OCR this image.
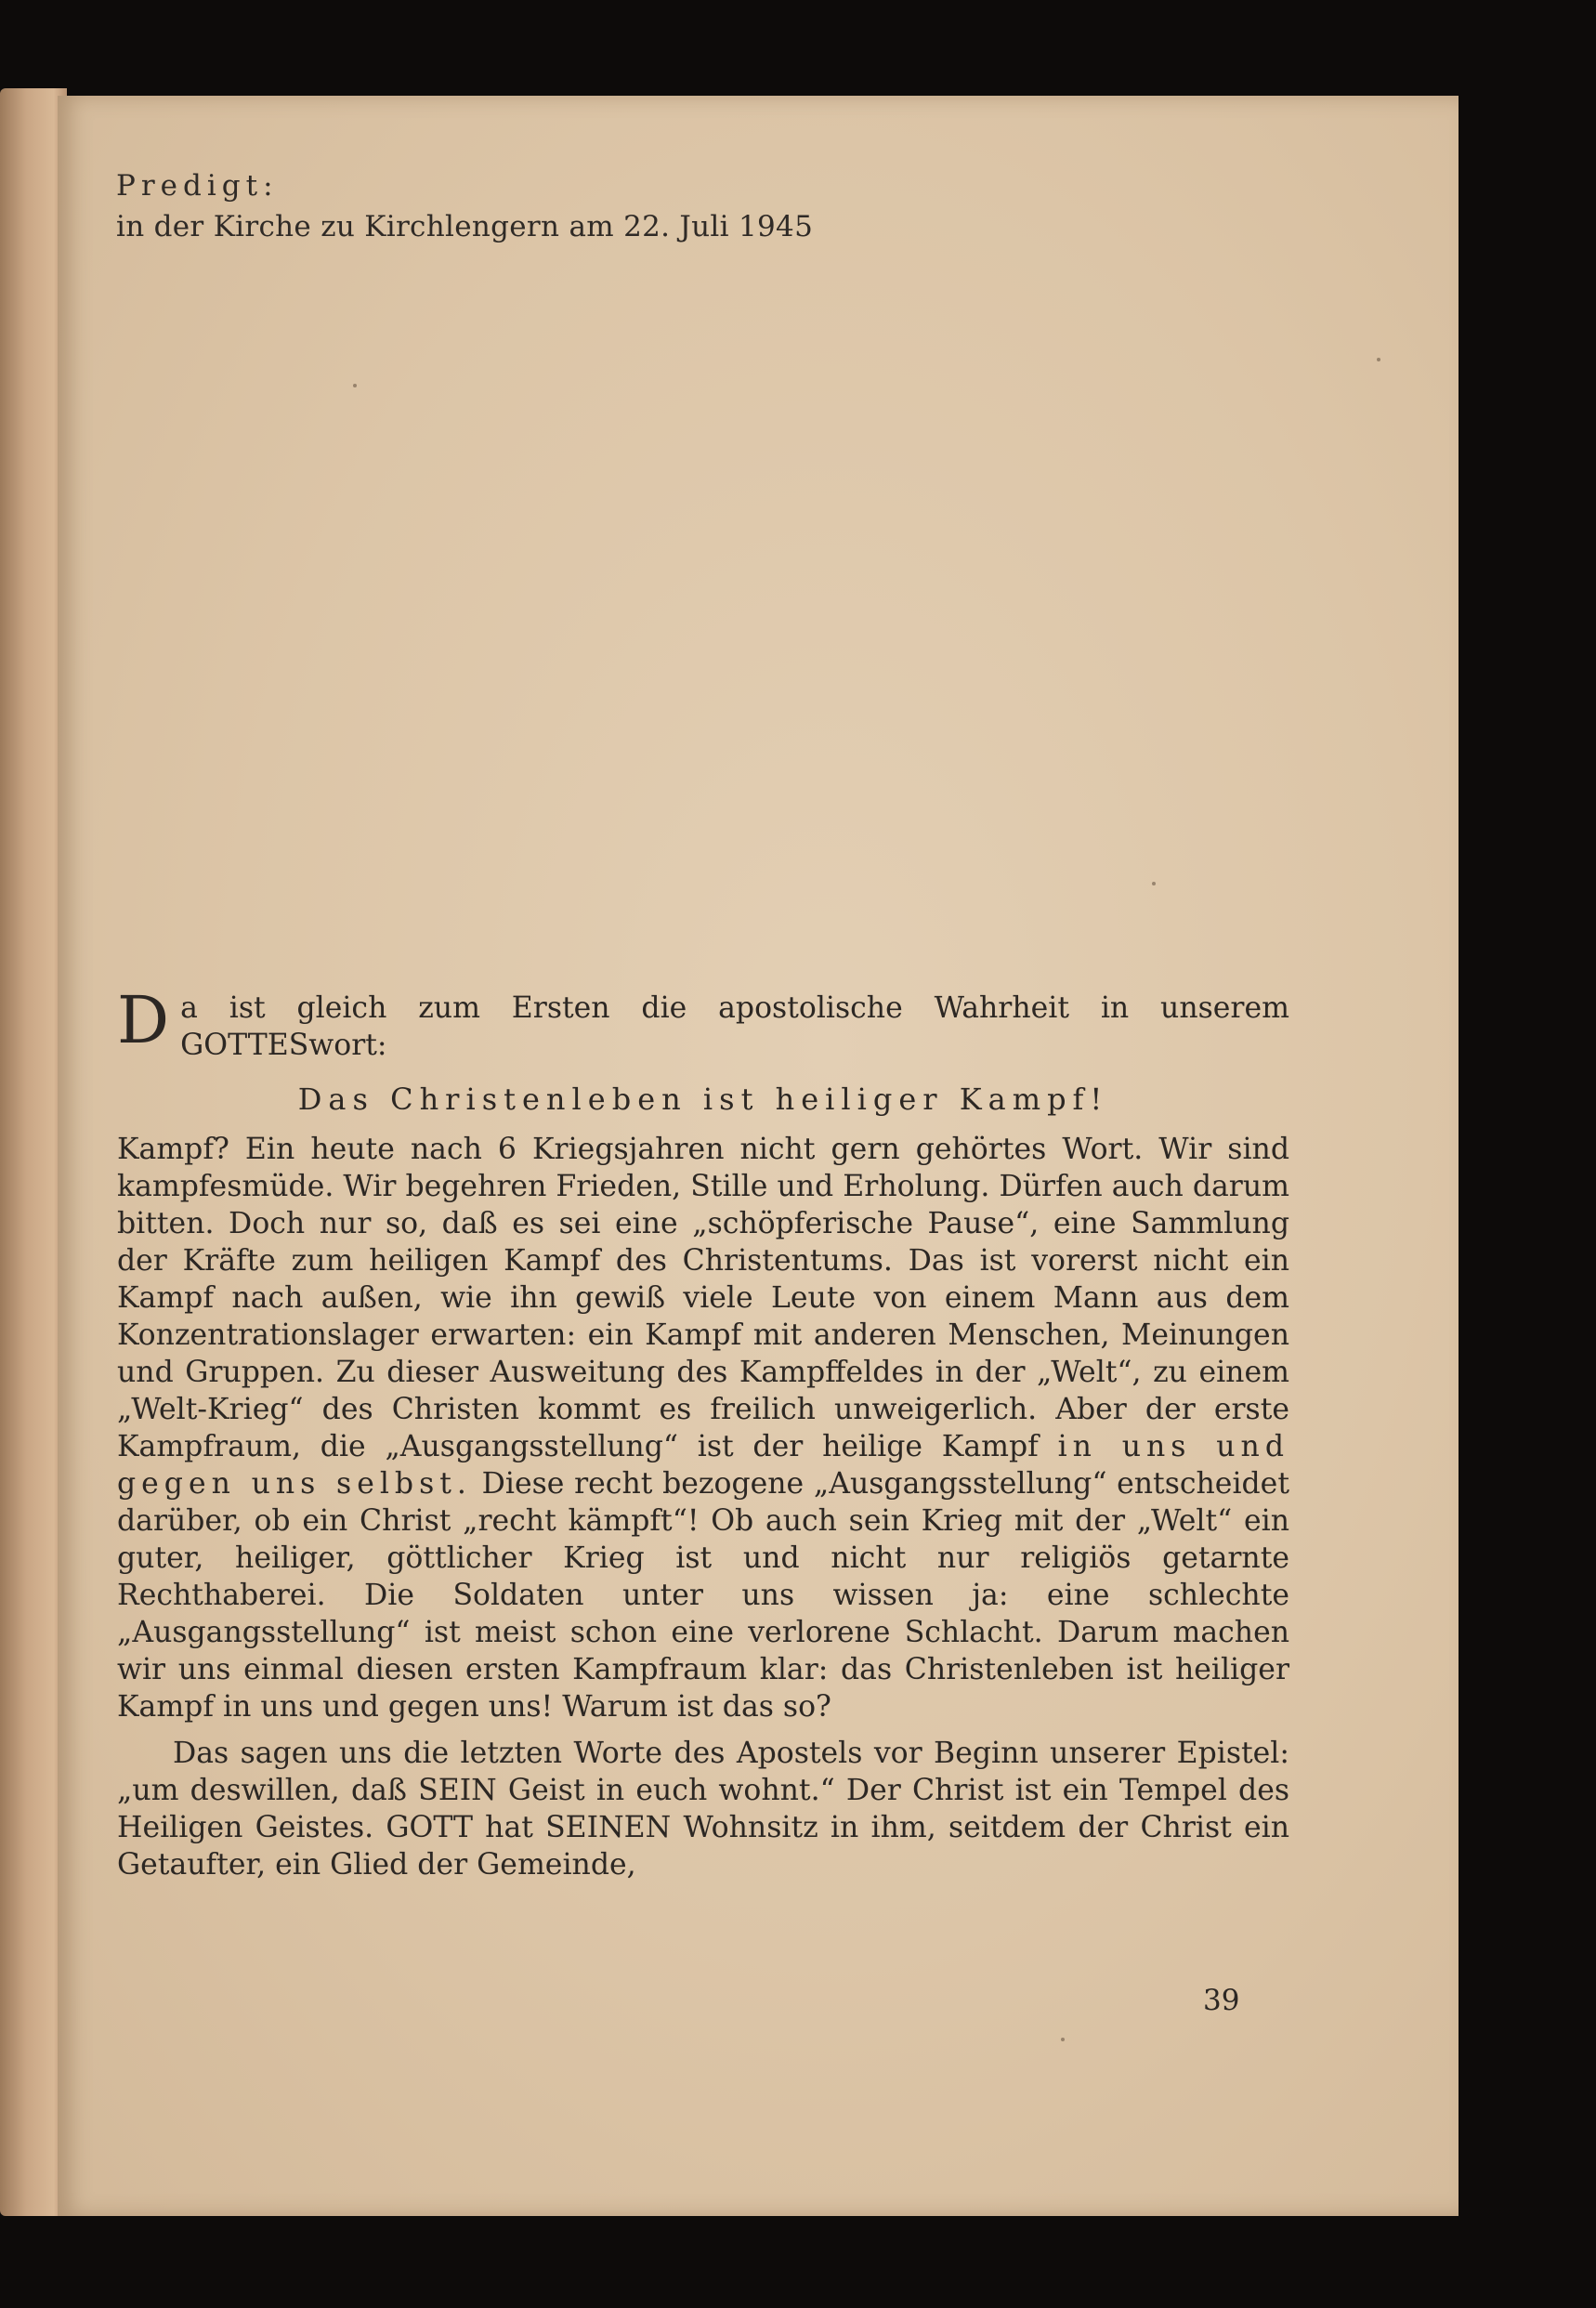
Predigt:
in der Kirche zu Kirchlengern am 22. Juli 1945

Da ist gleich zum Ersten die apostolische Wahrheit in unserem GOTTESwort:

Das Christenleben ist heiliger Kampf!

Kampf? Ein heute nach 6 Kriegsjahren nicht gern gehörtes Wort. Wir sind kampfesmüde. Wir begehren Frieden, Stille und Erholung. Dürfen auch darum bitten. Doch nur so, daß es sei eine „schöpferische Pause“, eine Sammlung der Kräfte zum heiligen Kampf des Christentums. Das ist vorerst nicht ein Kampf nach außen, wie ihn gewiß viele Leute von einem Mann aus dem Konzentrationslager erwarten: ein Kampf mit anderen Menschen, Meinungen und Gruppen. Zu dieser Ausweitung des Kampffeldes in der „Welt“, zu einem „Welt-Krieg“ des Christen kommt es freilich unweigerlich. Aber der erste Kampfraum, die „Ausgangsstellung“ ist der heilige Kampf in uns und gegen uns selbst. Diese recht bezogene „Ausgangsstellung“ entscheidet darüber, ob ein Christ „recht kämpft“! Ob auch sein Krieg mit der „Welt“ ein guter, heiliger, göttlicher Krieg ist und nicht nur religiös getarnte Rechthaberei. Die Soldaten unter uns wissen ja: eine schlechte „Ausgangsstellung“ ist meist schon eine verlorene Schlacht. Darum machen wir uns einmal diesen ersten Kampfraum klar: das Christenleben ist heiliger Kampf in uns und gegen uns! Warum ist das so?

Das sagen uns die letzten Worte des Apostels vor Beginn unserer Epistel: „um deswillen, daß SEIN Geist in euch wohnt.“ Der Christ ist ein Tempel des Heiligen Geistes. GOTT hat SEINEN Wohnsitz in ihm, seitdem der Christ ein Getaufter, ein Glied der Gemeinde,

39
